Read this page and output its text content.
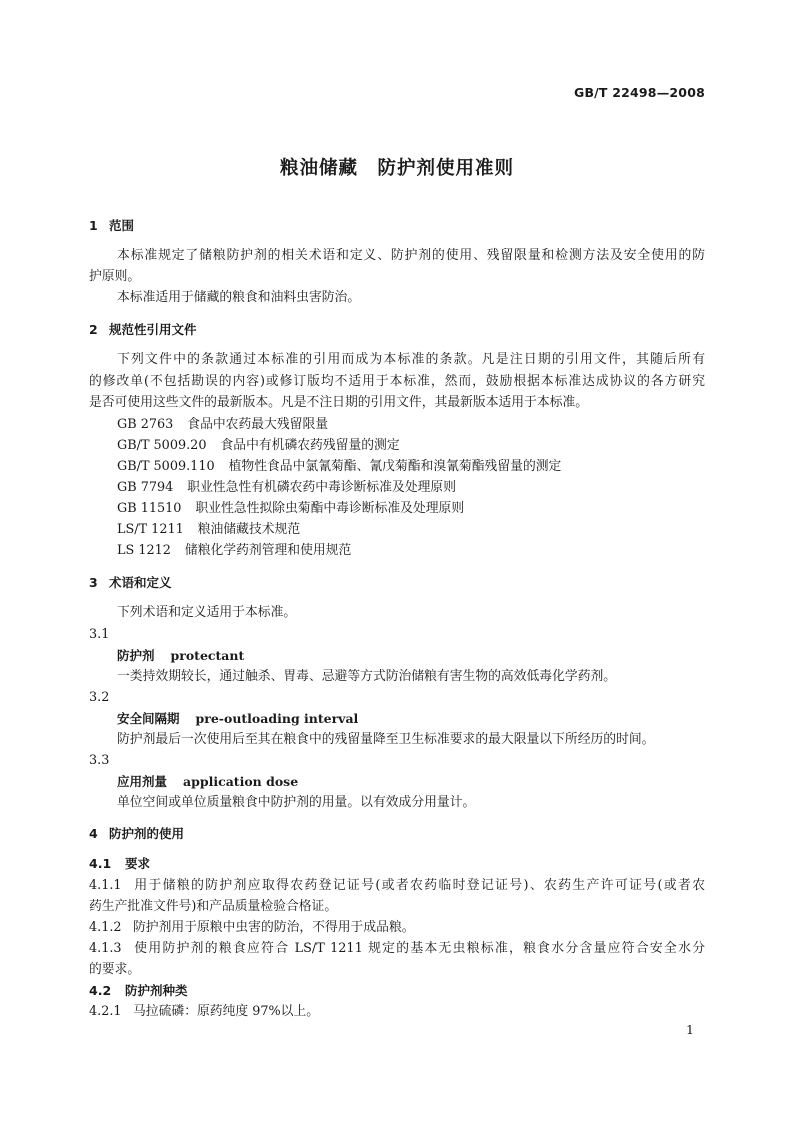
GB/T 22498—2008
粮油储藏　防护剂使用准则
1 范围
本标准规定了储粮防护剂的相关术语和定义、防护剂的使用、残留限量和检测方法及安全使用的防
护原则。
本标准适用于储藏的粮食和油料虫害防治。
2 规范性引用文件
下列文件中的条款通过本标准的引用而成为本标准的条款。凡是注日期的引用文件，其随后所有
的修改单(不包括勘误的内容)或修订版均不适用于本标准，然而，鼓励根据本标准达成协议的各方研究
是否可使用这些文件的最新版本。凡是不注日期的引用文件，其最新版本适用于本标准。
GB 2763 食品中农药最大残留限量
GB/T 5009.20 食品中有机磷农药残留量的测定
GB/T 5009.110 植物性食品中氯氰菊酯、氰戊菊酯和溴氰菊酯残留量的测定
GB 7794 职业性急性有机磷农药中毒诊断标准及处理原则
GB 11510 职业性急性拟除虫菊酯中毒诊断标准及处理原则
LS/T 1211 粮油储藏技术规范
LS 1212 储粮化学药剂管理和使用规范
3 术语和定义
下列术语和定义适用于本标准。
3.1
防护剂 protectant
一类持效期较长，通过触杀、胃毒、忌避等方式防治储粮有害生物的高效低毒化学药剂。
3.2
安全间隔期 pre-outloading interval
防护剂最后一次使用后至其在粮食中的残留量降至卫生标准要求的最大限量以下所经历的时间。
3.3
应用剂量 application dose
单位空间或单位质量粮食中防护剂的用量。以有效成分用量计。
4 防护剂的使用
4.1 要求
4.1.1 用于储粮的防护剂应取得农药登记证号(或者农药临时登记证号)、农药生产许可证号(或者农
药生产批准文件号)和产品质量检验合格证。
4.1.2 防护剂用于原粮中虫害的防治，不得用于成品粮。
4.1.3 使用防护剂的粮食应符合 LS/T 1211 规定的基本无虫粮标准，粮食水分含量应符合安全水分
的要求。
4.2 防护剂种类
4.2.1 马拉硫磷：原药纯度 97%以上。
1
